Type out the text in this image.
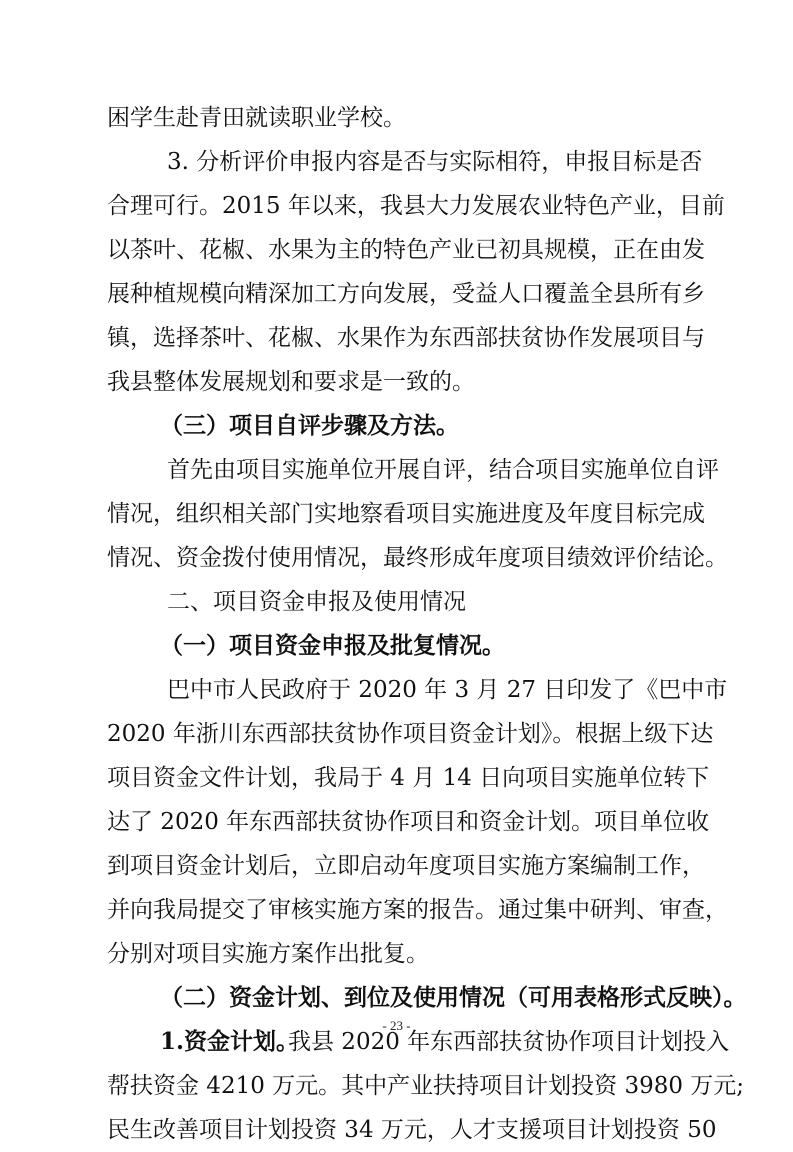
困学生赴青田就读职业学校。
3. 分析评价申报内容是否与实际相符，申报目标是否
合理可行。2015 年以来，我县大力发展农业特色产业，目前
以茶叶、花椒、水果为主的特色产业已初具规模，正在由发
展种植规模向精深加工方向发展，受益人口覆盖全县所有乡
镇，选择茶叶、花椒、水果作为东西部扶贫协作发展项目与
我县整体发展规划和要求是一致的。
（三）项目自评步骤及方法。
首先由项目实施单位开展自评，结合项目实施单位自评
情况，组织相关部门实地察看项目实施进度及年度目标完成
情况、资金拨付使用情况，最终形成年度项目绩效评价结论。
二、项目资金申报及使用情况
（一）项目资金申报及批复情况。
巴中市人民政府于 2020 年 3 月 27 日印发了《巴中市
2020 年浙川东西部扶贫协作项目资金计划》。根据上级下达
项目资金文件计划，我局于 4 月 14 日向项目实施单位转下
达了 2020 年东西部扶贫协作项目和资金计划。项目单位收
到项目资金计划后，立即启动年度项目实施方案编制工作，
并向我局提交了审核实施方案的报告。通过集中研判、审查，
分别对项目实施方案作出批复。
（二）资金计划、到位及使用情况（可用表格形式反映）。
1.资金计划。
我县 2020 年东西部扶贫协作项目计划投入
帮扶资金 4210 万元。其中产业扶持项目计划投资 3980 万元;
民生改善项目计划投资 34 万元，人才支援项目计划投资 50
- 23 -
